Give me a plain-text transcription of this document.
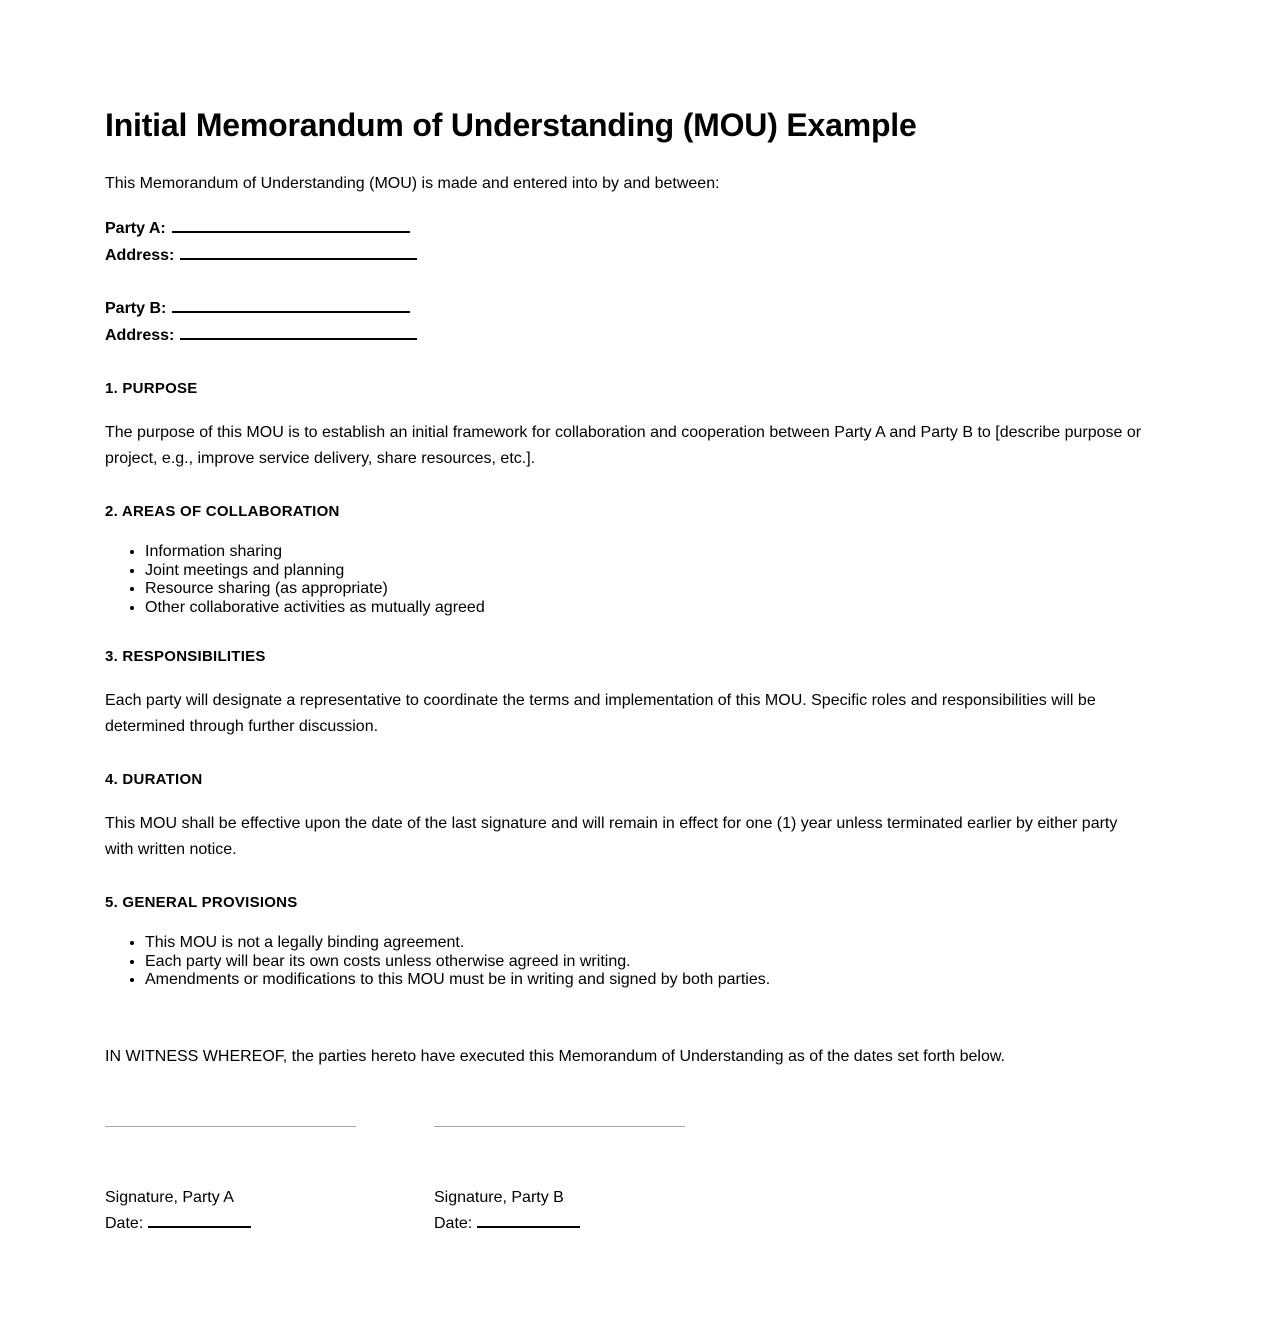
Initial Memorandum of Understanding (MOU) Example

This Memorandum of Understanding (MOU) is made and entered into by and between:

Party A:
Address:
Party B:
Address:
1. PURPOSE

The purpose of this MOU is to establish an initial framework for collaboration and cooperation between Party A and Party B to [describe purpose or project, e.g., improve service delivery, share resources, etc.].

2. AREAS OF COLLABORATION
• Information sharing
• Joint meetings and planning
• Resource sharing (as appropriate)
• Other collaborative activities as mutually agreed
3. RESPONSIBILITIES

Each party will designate a representative to coordinate the terms and implementation of this MOU. Specific roles and responsibilities will be determined through further discussion.

4. DURATION

This MOU shall be effective upon the date of the last signature and will remain in effect for one (1) year unless terminated earlier by either party with written notice.

5. GENERAL PROVISIONS
• This MOU is not a legally binding agreement.
• Each party will bear its own costs unless otherwise agreed in writing.
• Amendments or modifications to this MOU must be in writing and signed by both parties.

IN WITNESS WHEREOF, the parties hereto have executed this Memorandum of Understanding as of the dates set forth below.

Signature, Party A
Date:
Signature, Party B
Date:
